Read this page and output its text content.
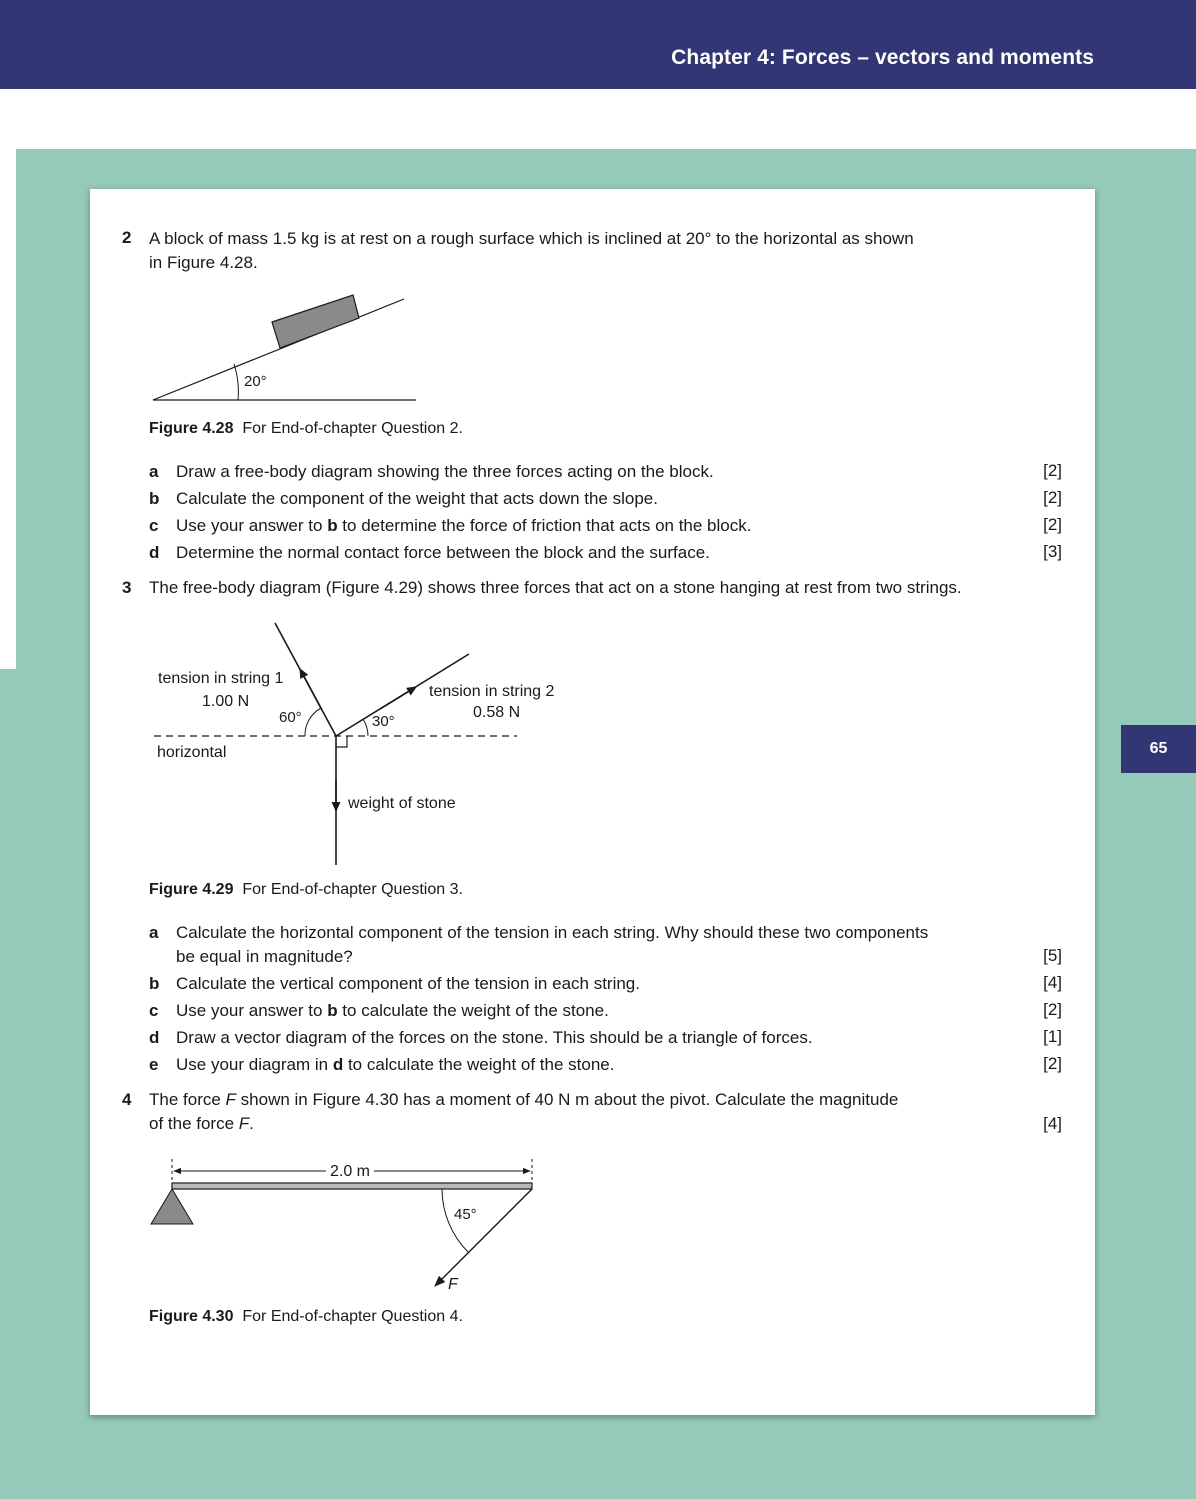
Chapter 4: Forces – vectors and moments
65
2 A block of mass 1.5 kg is at rest on a rough surface which is inclined at 20° to the horizontal as shown
in Figure 4.28.
20°
Figure 4.28 For End-of-chapter Question 2.
a Draw a free-body diagram showing the three forces acting on the block.	[2]
b Calculate the component of the weight that acts down the slope.	[2]
c Use your answer to b to determine the force of friction that acts on the block.	[2]
d Determine the normal contact force between the block and the surface.	[3]
3 The free-body diagram (Figure 4.29) shows three forces that act on a stone hanging at rest from two strings.
tension in string 1
1.00 N
tension in string 2
0.58 N
60°	30°
horizontal
weight of stone
Figure 4.29 For End-of-chapter Question 3.
a Calculate the horizontal component of the tension in each string. Why should these two components
be equal in magnitude?	[5]
b Calculate the vertical component of the tension in each string.	[4]
c Use your answer to b to calculate the weight of the stone.	[2]
d Draw a vector diagram of the forces on the stone. This should be a triangle of forces.	[1]
e Use your diagram in d to calculate the weight of the stone.	[2]
4 The force F shown in Figure 4.30 has a moment of 40 N m about the pivot. Calculate the magnitude
of the force F.	[4]
2.0 m
45°
F
Figure 4.30 For End-of-chapter Question 4.
